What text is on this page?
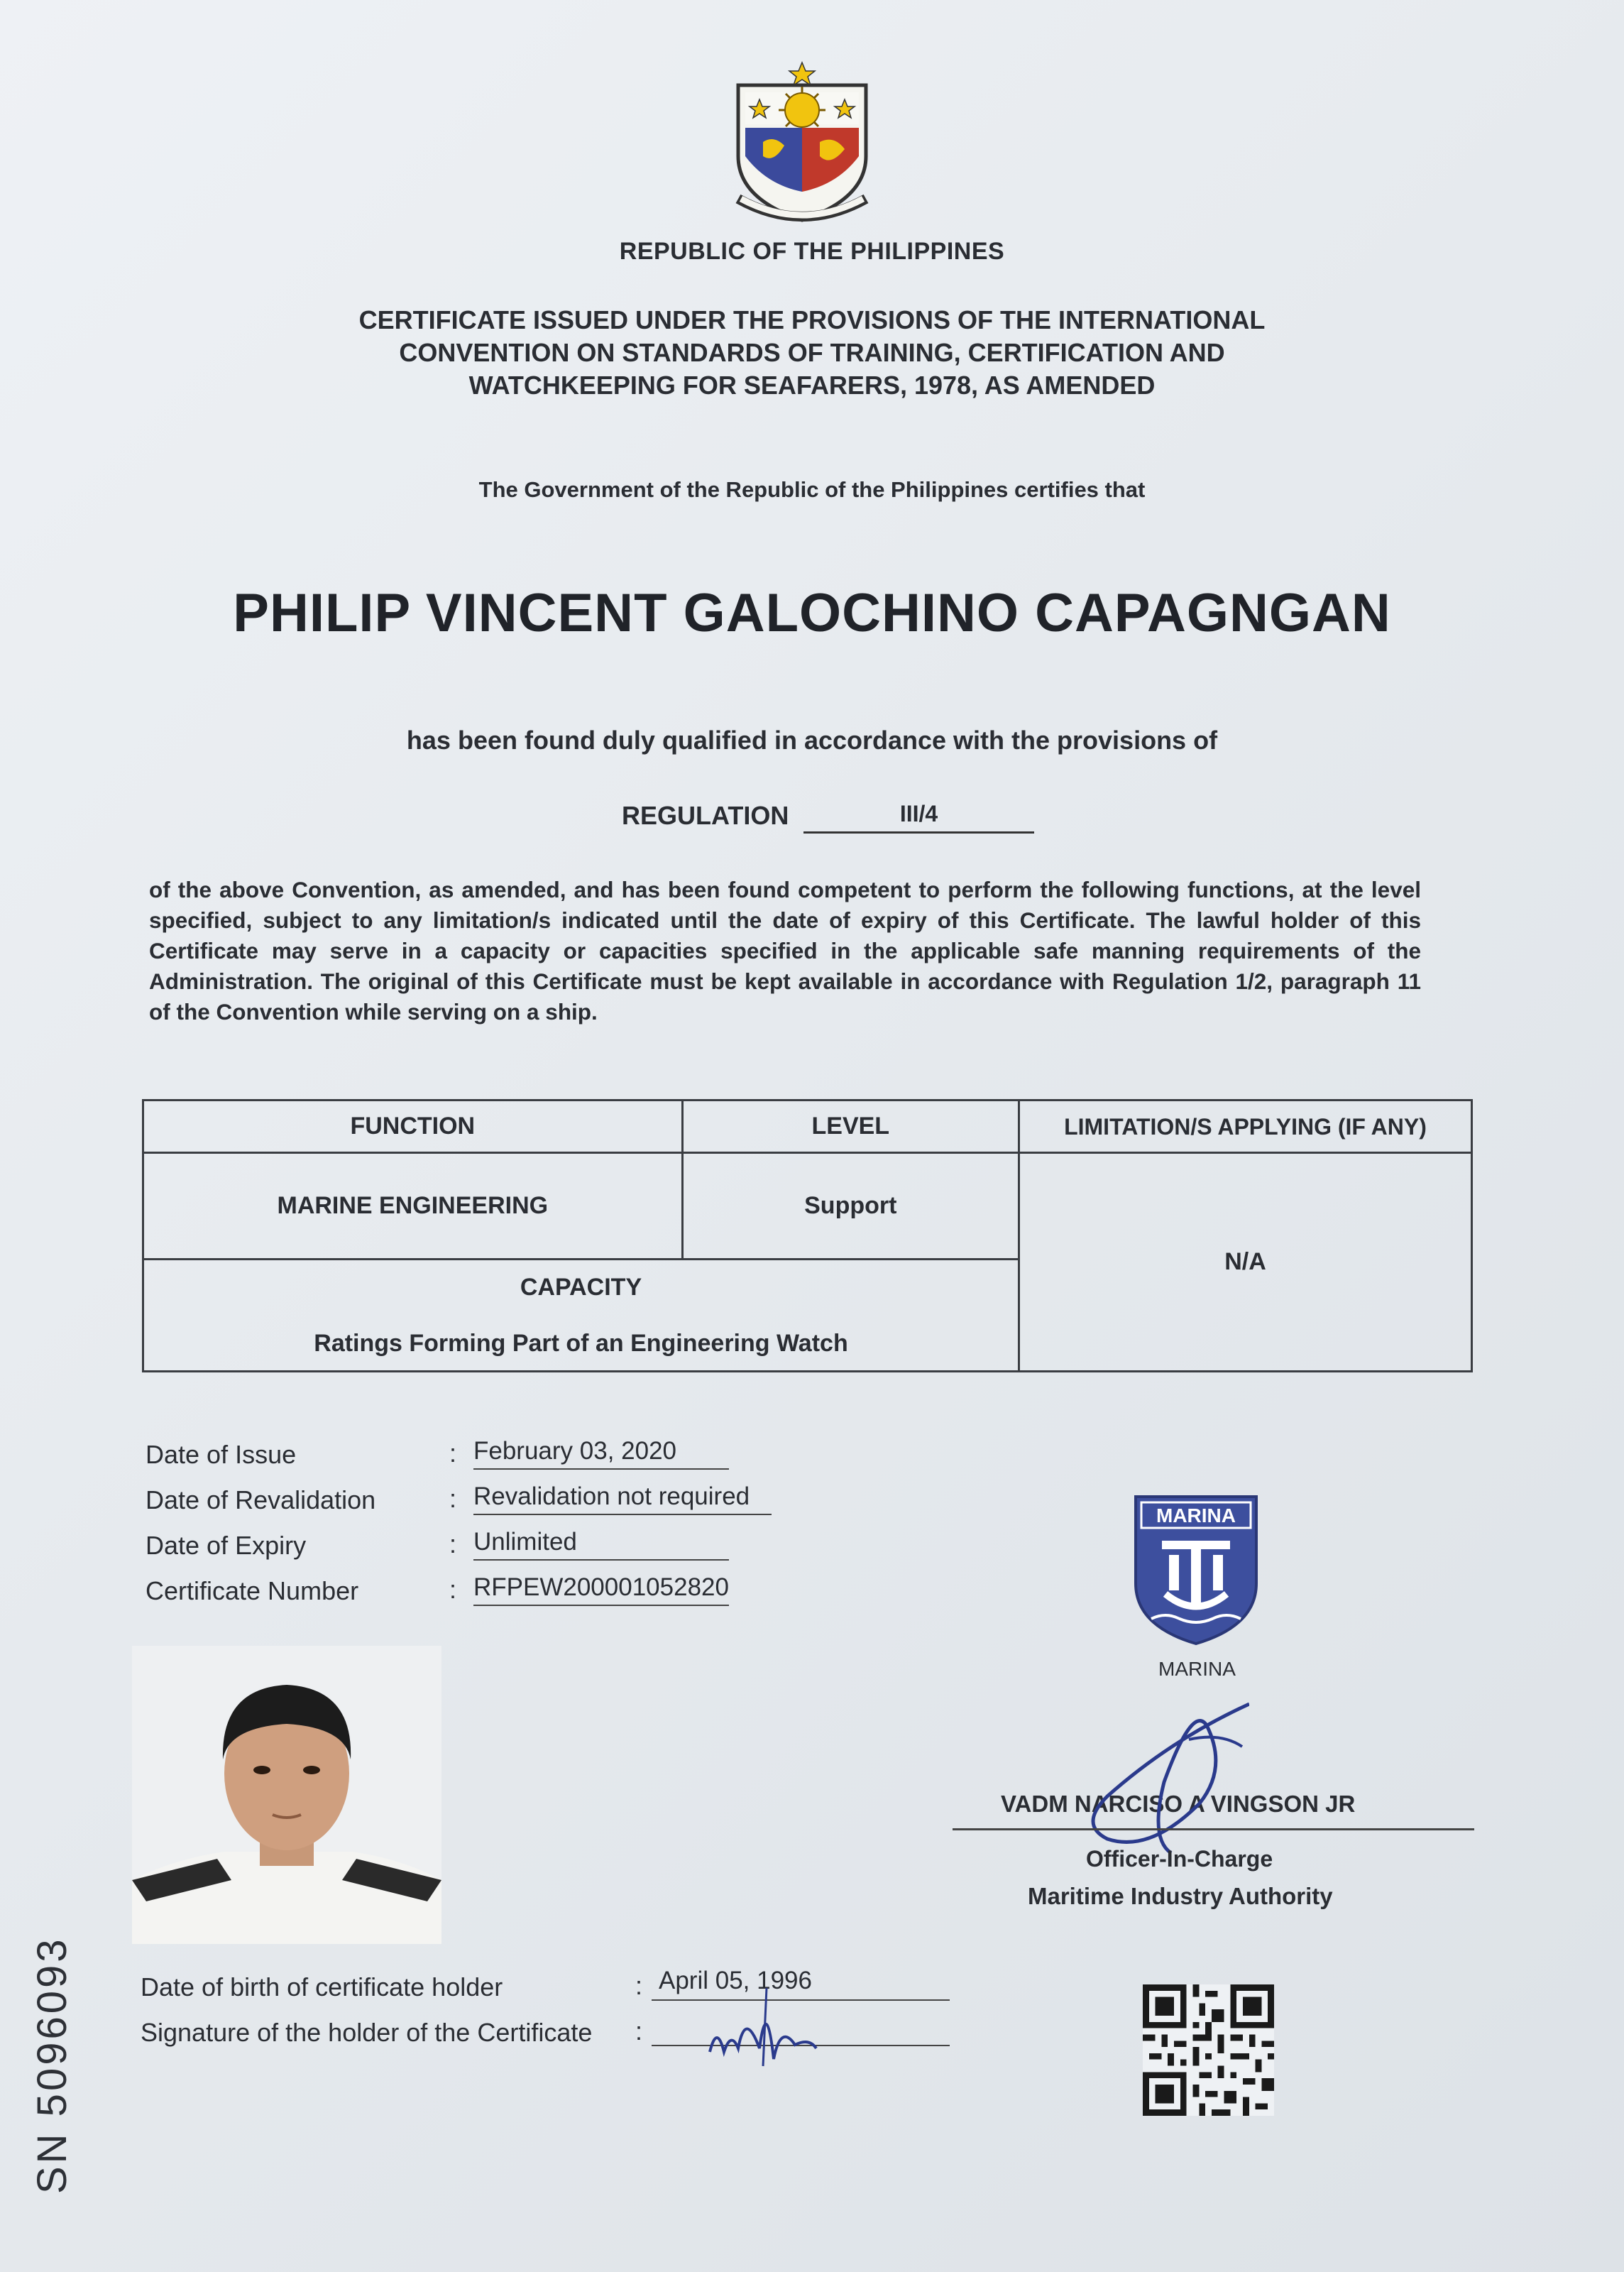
REPUBLIC OF THE PHILIPPINES
CERTIFICATE ISSUED UNDER THE PROVISIONS OF THE INTERNATIONAL
CONVENTION ON STANDARDS OF TRAINING, CERTIFICATION AND
WATCHKEEPING FOR SEAFARERS, 1978, AS AMENDED
The Government of the Republic of the Philippines certifies that
PHILIP VINCENT GALOCHINO CAPAGNGAN
has been found duly qualified in accordance with the provisions of
REGULATION	III/4
of the above Convention, as amended, and has been found competent to perform the following functions, at the level specified, subject to any limitation/s indicated until the date of expiry of this Certificate. The lawful holder of this Certificate may serve in a capacity or capacities specified in the applicable safe manning requirements of the Administration. The original of this Certificate must be kept available in accordance with Regulation 1/2, paragraph 11 of the Convention while serving on a ship.
FUNCTION	LEVEL	LIMITATION/S APPLYING (IF ANY)
MARINE ENGINEERING	Support	N/A

CAPACITY
Ratings Forming Part of an Engineering Watch		
Date of Issue	: February 03, 2020
Date of Revalidation	: Revalidation not required
Date of Expiry	: Unlimited
Certificate Number	: RFPEW200001052820
MARINA
MARINA
VADM NARCISO A VINGSON JR
Officer-In-Charge
Maritime Industry Authority
Date of birth of certificate holder	: April 05, 1996
Signature of the holder of the Certificate :
SN 5096093
